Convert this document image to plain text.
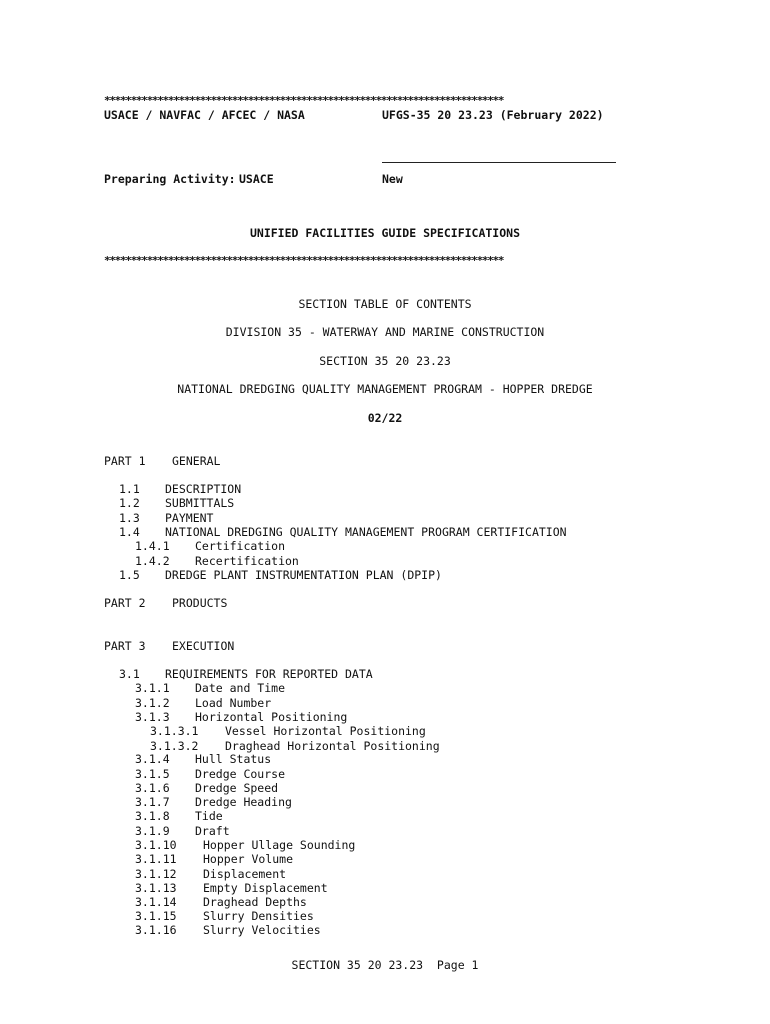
***************************************************************************
USACE / NAVFAC / AFCEC / NASA	UFGS-35 20 23.23 (February 2022)
Preparing Activity: USACE	New
UNIFIED FACILITIES GUIDE SPECIFICATIONS
***************************************************************************
SECTION TABLE OF CONTENTS
DIVISION 35 - WATERWAY AND MARINE CONSTRUCTION
SECTION 35 20 23.23
NATIONAL DREDGING QUALITY MANAGEMENT PROGRAM - HOPPER DREDGE
02/22
PART 1 GENERAL
1.1 DESCRIPTION
1.2 SUBMITTALS
1.3 PAYMENT
1.4 NATIONAL DREDGING QUALITY MANAGEMENT PROGRAM CERTIFICATION
1.4.1 Certification
1.4.2 Recertification
1.5 DREDGE PLANT INSTRUMENTATION PLAN (DPIP)
PART 2 PRODUCTS
PART 3 EXECUTION
3.1 REQUIREMENTS FOR REPORTED DATA
3.1.1 Date and Time
3.1.2 Load Number
3.1.3 Horizontal Positioning
3.1.3.1 Vessel Horizontal Positioning
3.1.3.2 Draghead Horizontal Positioning
3.1.4 Hull Status
3.1.5 Dredge Course
3.1.6 Dredge Speed
3.1.7 Dredge Heading
3.1.8 Tide
3.1.9 Draft
3.1.10 Hopper Ullage Sounding
3.1.11 Hopper Volume
3.1.12 Displacement
3.1.13 Empty Displacement
3.1.14 Draghead Depths
3.1.15 Slurry Densities
3.1.16 Slurry Velocities
SECTION 35 20 23.23  Page 1
